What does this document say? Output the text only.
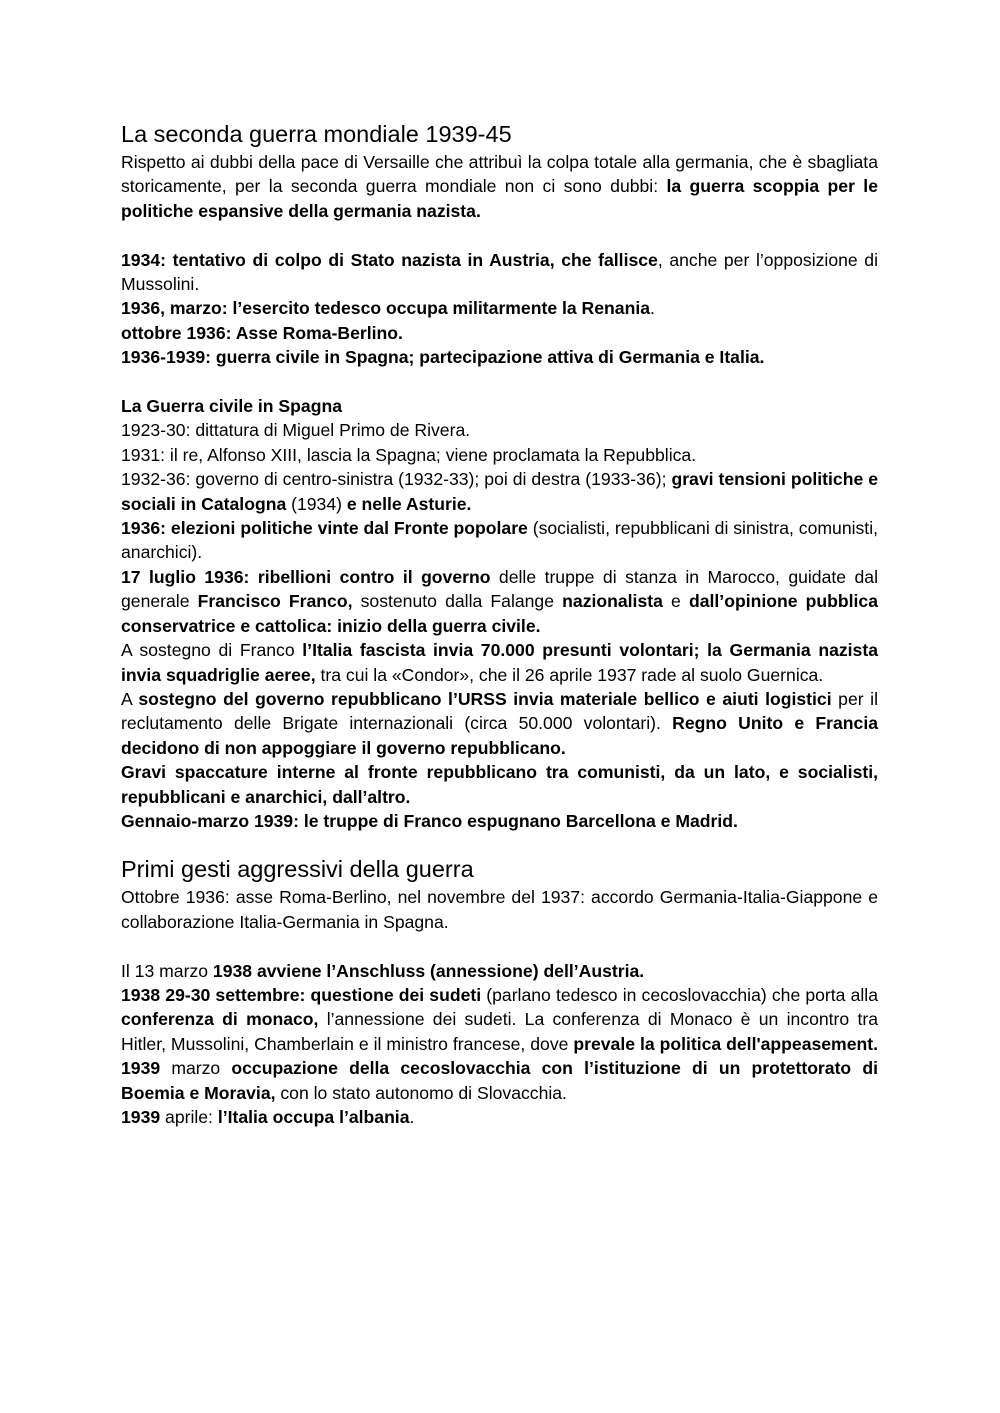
La seconda guerra mondiale 1939-45

Rispetto ai dubbi della pace di Versaille che attribuì la colpa totale alla germania, che è sbagliata storicamente, per la seconda guerra mondiale non ci sono dubbi: la guerra scoppia per le politiche espansive della germania nazista.

1934: tentativo di colpo di Stato nazista in Austria, che fallisce, anche per l’opposizione di Mussolini.

1936, marzo: l’esercito tedesco occupa militarmente la Renania.

ottobre 1936: Asse Roma-Berlino.

1936-1939: guerra civile in Spagna; partecipazione attiva di Germania e Italia.

La Guerra civile in Spagna

1923-30: dittatura di Miguel Primo de Rivera.

1931: il re, Alfonso XIII, lascia la Spagna; viene proclamata la Repubblica.

1932-36: governo di centro-sinistra (1932-33); poi di destra (1933-36); gravi tensioni politiche e sociali in Catalogna (1934) e nelle Asturie.

1936: elezioni politiche vinte dal Fronte popolare (socialisti, repubblicani di sinistra, comunisti, anarchici).

17 luglio 1936: ribellioni contro il governo delle truppe di stanza in Marocco, guidate dal generale Francisco Franco, sostenuto dalla Falange nazionalista e dall’opinione pubblica conservatrice e cattolica: inizio della guerra civile.

A sostegno di Franco l’Italia fascista invia 70.000 presunti volontari; la Germania nazista invia squadriglie aeree, tra cui la «Condor», che il 26 aprile 1937 rade al suolo Guernica.

A sostegno del governo repubblicano l’URSS invia materiale bellico e aiuti logistici per il reclutamento delle Brigate internazionali (circa 50.000 volontari). Regno Unito e Francia decidono di non appoggiare il governo repubblicano.

Gravi spaccature interne al fronte repubblicano tra comunisti, da un lato, e socialisti, repubblicani e anarchici, dall’altro.

Gennaio-marzo 1939: le truppe di Franco espugnano Barcellona e Madrid.

Primi gesti aggressivi della guerra

Ottobre 1936: asse Roma-Berlino, nel novembre del 1937: accordo Germania-Italia-Giappone e collaborazione Italia-Germania in Spagna.

Il 13 marzo 1938 avviene l’Anschluss (annessione) dell’Austria.

1938 29-30 settembre: questione dei sudeti (parlano tedesco in cecoslovacchia) che porta alla conferenza di monaco, l’annessione dei sudeti. La conferenza di Monaco è un incontro tra Hitler, Mussolini, Chamberlain e il ministro francese, dove prevale la politica dell'appeasement. 1939 marzo occupazione della cecoslovacchia con l’istituzione di un protettorato di Boemia e Moravia, con lo stato autonomo di Slovacchia.

1939 aprile: l’Italia occupa l’albania.
